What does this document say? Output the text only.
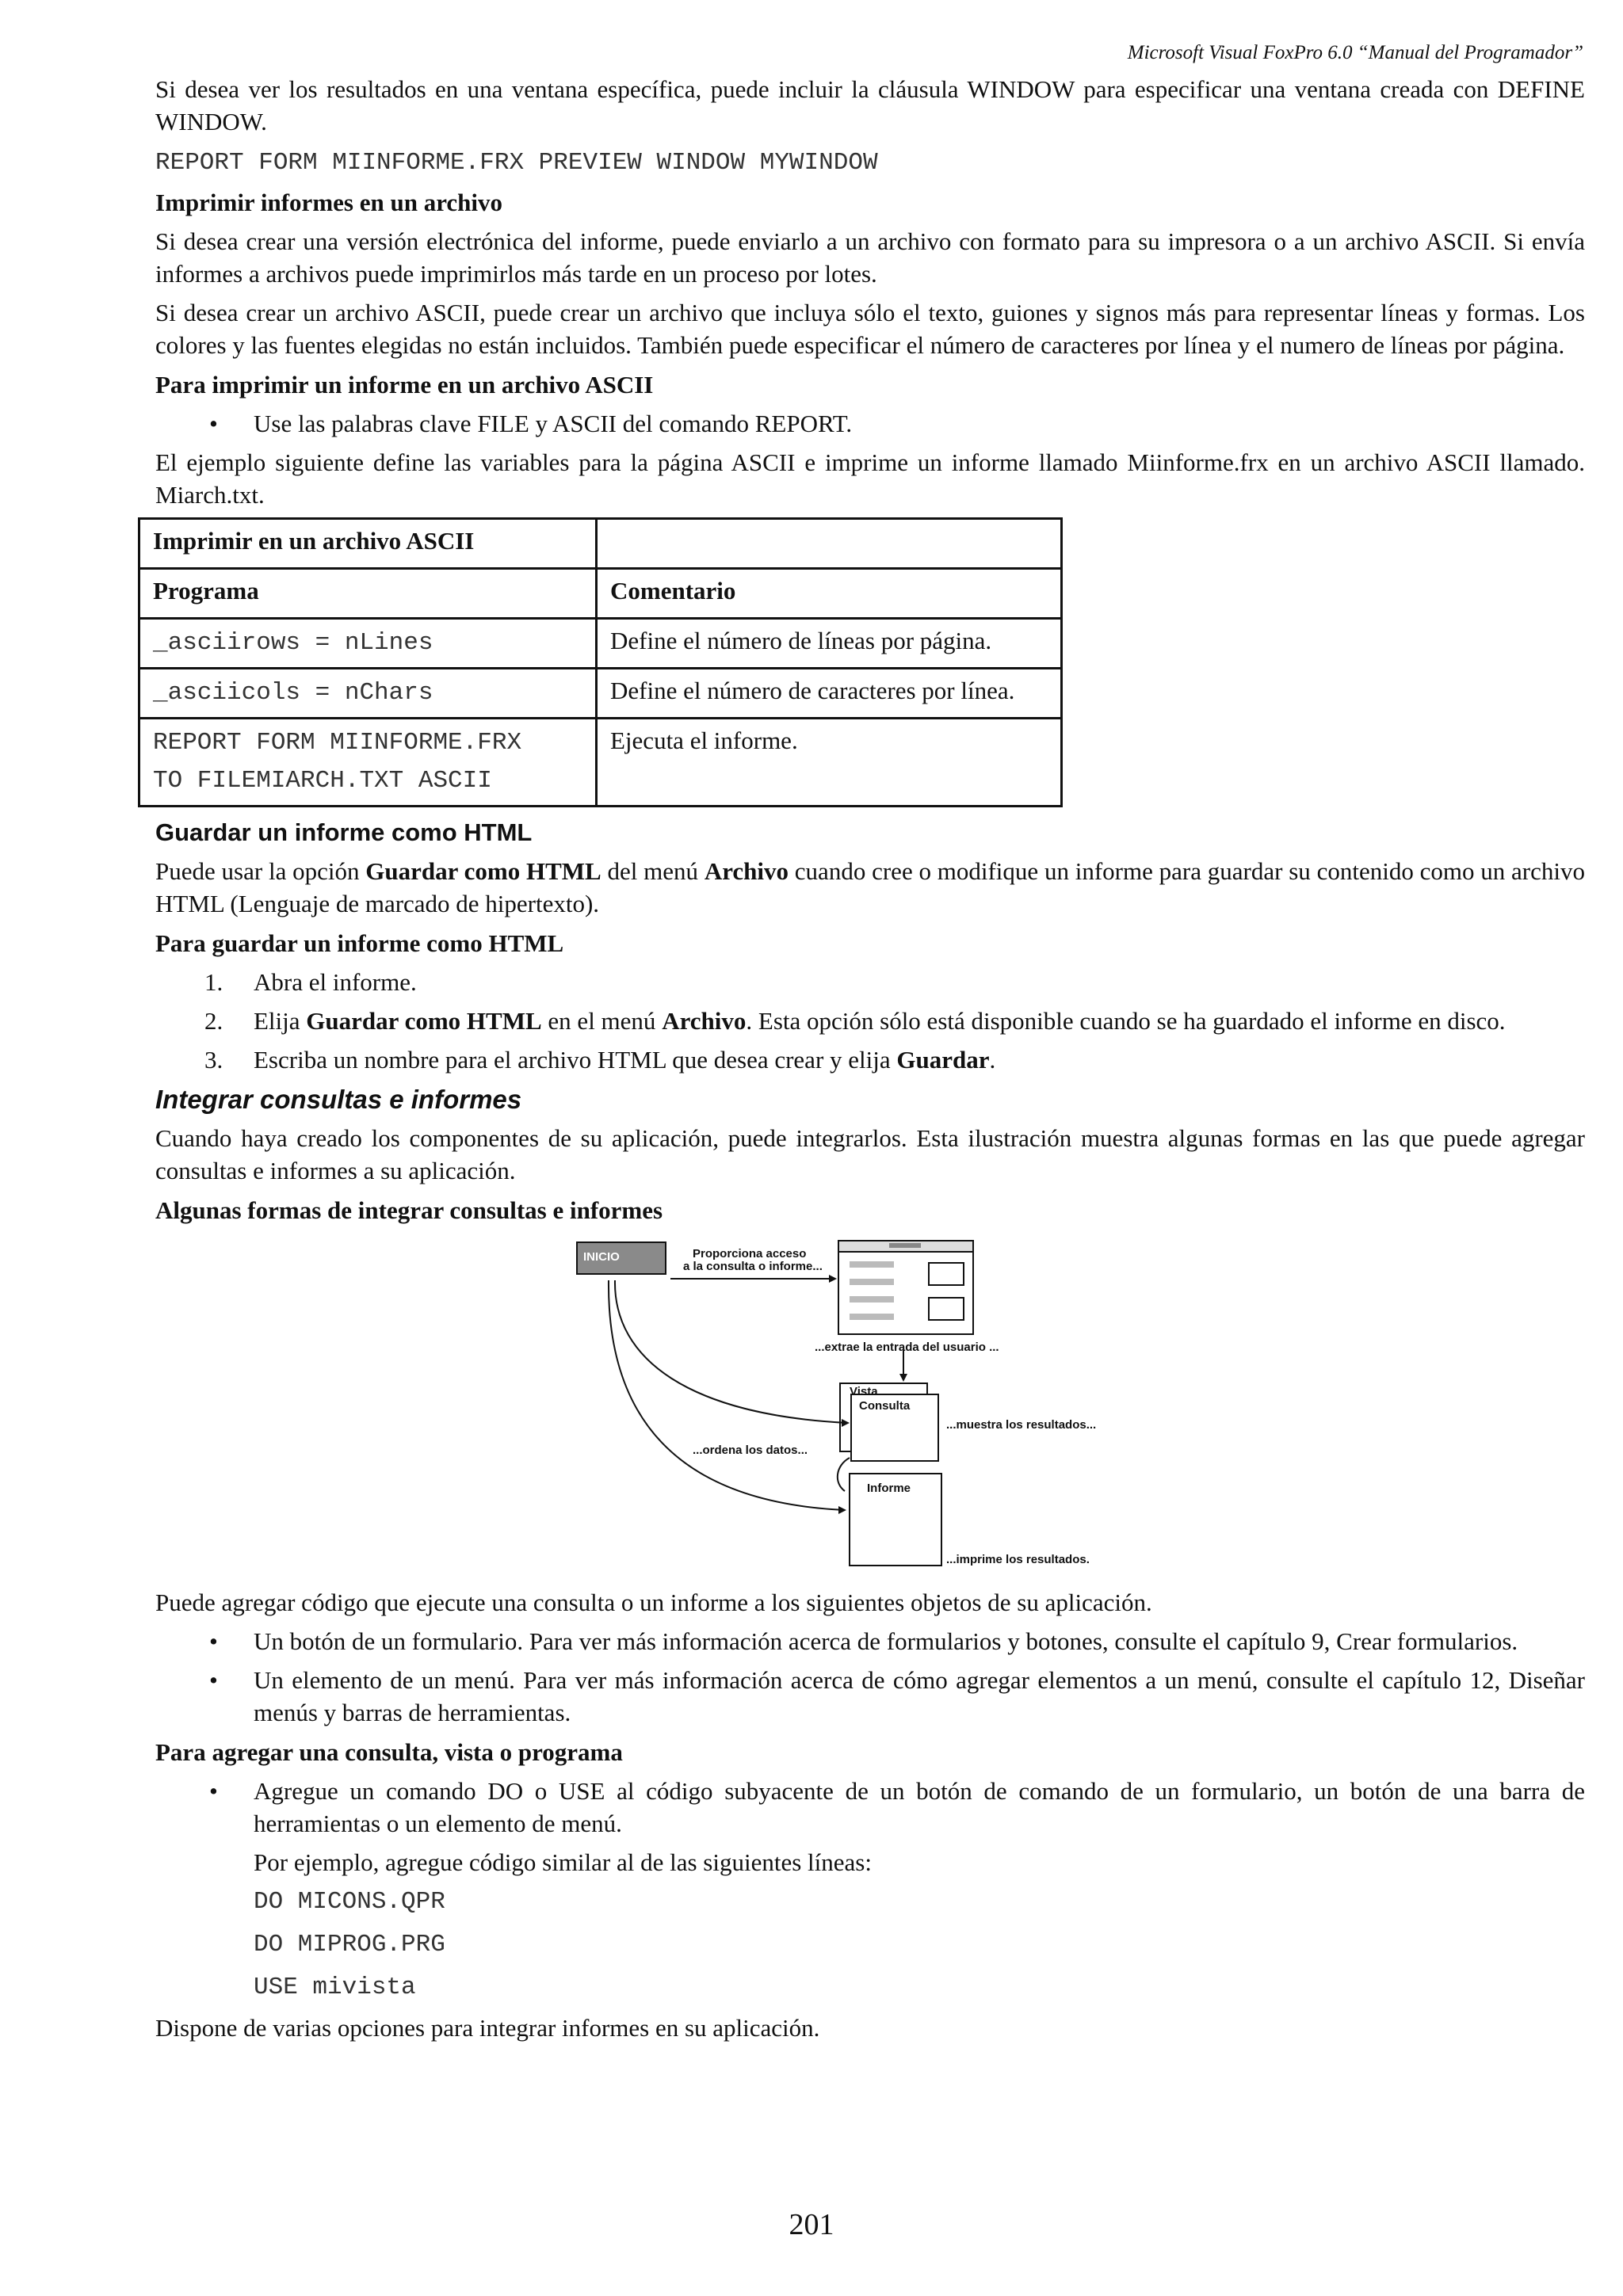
Microsoft Visual FoxPro 6.0 “Manual del Programador”

Si desea ver los resultados en una ventana específica, puede incluir la cláusula WINDOW para especificar una ventana creada con DEFINE WINDOW.

REPORT FORM MIINFORME.FRX PREVIEW WINDOW MYWINDOW
Imprimir informes en un archivo

Si desea crear una versión electrónica del informe, puede enviarlo a un archivo con formato para su impresora o a un archivo ASCII. Si envía informes a archivos puede imprimirlos más tarde en un proceso por lotes.

Si desea crear un archivo ASCII, puede crear un archivo que incluya sólo el texto, guiones y signos más para representar líneas y formas. Los colores y las fuentes elegidas no están incluidos. También puede especificar el número de caracteres por línea y el numero de líneas por página.

Para imprimir un informe en un archivo ASCII
• Use las palabras clave FILE y ASCII del comando REPORT.

El ejemplo siguiente define las variables para la página ASCII e imprime un informe llamado Miinforme.frx en un archivo ASCII llamado. Miarch.txt.

Imprimir en un archivo ASCII	
Programa	Comentario

_asciirows = nLines	Define el número de líneas por página.

_asciicols = nChars	Define el número de caracteres por línea.

REPORT FORM MIINFORME.FRX
TO FILEMIARCH.TXT ASCII	Ejecuta el informe.
Guardar un informe como HTML

Puede usar la opción Guardar como HTML del menú Archivo cuando cree o modifique un informe para guardar su contenido como un archivo HTML (Lenguaje de marcado de hipertexto).

Para guardar un informe como HTML
1. Abra el informe.
2. Elija Guardar como HTML en el menú Archivo. Esta opción sólo está disponible cuando se ha guardado el informe en disco.
3. Escriba un nombre para el archivo HTML que desea crear y elija Guardar.
Integrar consultas e informes

Cuando haya creado los componentes de su aplicación, puede integrarlos. Esta ilustración muestra algunas formas en las que puede agregar consultas e informes a su aplicación.

Algunas formas de integrar consultas e informes
INICIO	Proporciona acceso
a la consulta o informe...
...extrae la entrada del usuario ...
Vista
Consulta
...muestra los resultados...
...ordena los datos...
Informe
...imprime los resultados.

Puede agregar código que ejecute una consulta o un informe a los siguientes objetos de su aplicación.

• Un botón de un formulario. Para ver más información acerca de formularios y botones, consulte el capítulo 9, Crear formularios.
• Un elemento de un menú. Para ver más información acerca de cómo agregar elementos a un menú, consulte el capítulo 12, Diseñar menús y barras de herramientas.
Para agregar una consulta, vista o programa
• Agregue un comando DO o USE al código subyacente de un botón de comando de un formulario, un botón de una barra de herramientas o un elemento de menú.
Por ejemplo, agregue código similar al de las siguientes líneas:
DO MICONS.QPR
DO MIPROG.PRG
USE mivista

Dispone de varias opciones para integrar informes en su aplicación.

201
